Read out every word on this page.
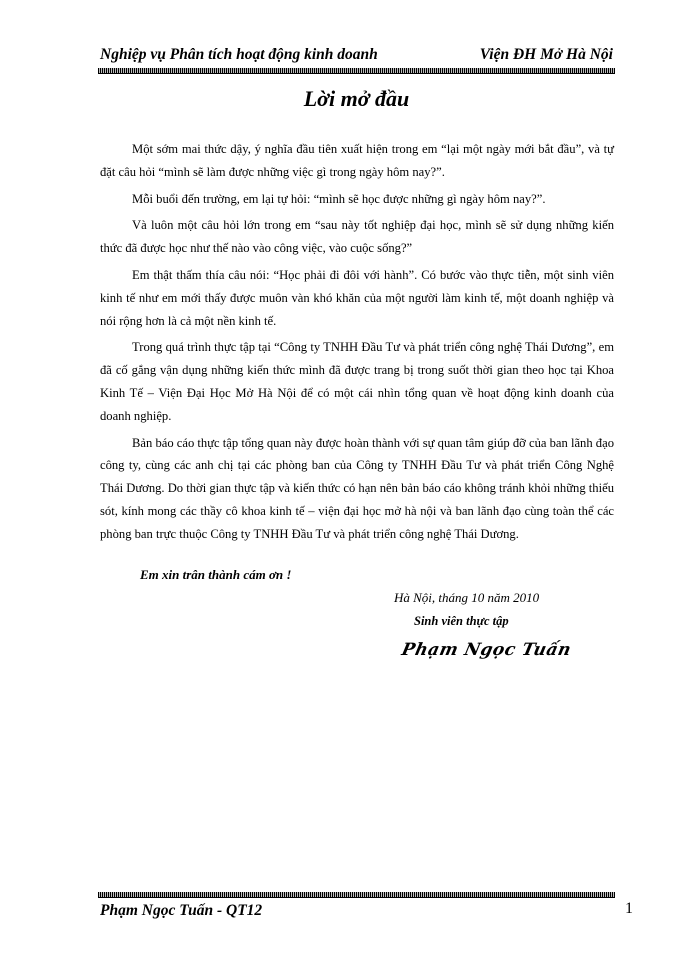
Nghiệp vụ Phân tích hoạt động kinh doanh	Viện ĐH Mở Hà Nội
Lời mở đầu

Một sớm mai thức dậy, ý nghĩa đầu tiên xuất hiện trong em “lại một ngày mới bắt đầu”, và tự đặt câu hỏi “mình sẽ làm được những việc gì trong ngày hôm nay?”.

Mỗi buổi đến trường, em lại tự hỏi: “mình sẽ học được những gì ngày hôm nay?”.

Và luôn một câu hỏi lớn trong em “sau này tốt nghiệp đại học, mình sẽ sử dụng những kiến thức đã được học như thế nào vào công việc, vào cuộc sống?”

Em thật thấm thía câu nói: “Học phải đi đôi với hành”. Có bước vào thực tiễn, một sinh viên kinh tế như em mới thấy được muôn vàn khó khăn của một người làm kinh tế, một doanh nghiệp và nói rộng hơn là cả một nền kinh tế.

Trong quá trình thực tập tại “Công ty TNHH Đầu Tư và phát triển công nghệ Thái Dương”, em đã cố gắng vận dụng những kiến thức mình đã được trang bị trong suốt thời gian theo học tại Khoa Kinh Tế – Viện Đại Học Mở Hà Nội để có một cái nhìn tổng quan về hoạt động kinh doanh của doanh nghiệp.

Bản báo cáo thực tập tổng quan này được hoàn thành với sự quan tâm giúp đỡ của ban lãnh đạo công ty, cùng các anh chị tại các phòng ban của Công ty TNHH Đầu Tư và phát triển Công Nghệ Thái Dương. Do thời gian thực tập và kiến thức có hạn nên bản báo cáo không tránh khỏi những thiếu sót, kính mong các thầy cô khoa kinh tế – viện đại học mở hà nội và ban lãnh đạo cùng toàn thể các phòng ban trực thuộc Công ty TNHH Đầu Tư và phát triển công nghệ Thái Dương.

Em xin trân thành cám ơn !
Hà Nội, tháng 10 năm 2010
Sinh viên thực tập
Phạm Ngọc Tuấn
Phạm Ngọc Tuấn - QT12	1
